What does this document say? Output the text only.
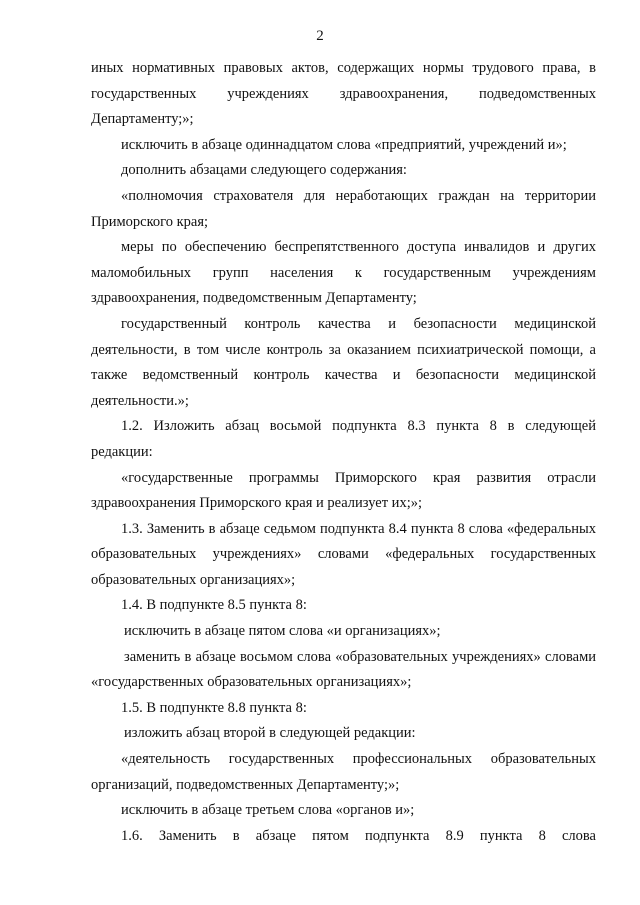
2

иных нормативных правовых актов, содержащих нормы трудового права, в государственных учреждениях здравоохранения, подведомственных Департаменту;»;

исключить в абзаце одиннадцатом слова «предприятий, учреждений и»;

дополнить абзацами следующего содержания:

«полномочия страхователя для неработающих граждан на территории Приморского края;

меры по обеспечению беспрепятственного доступа инвалидов и других маломобильных групп населения к государственным учреждениям здравоохранения, подведомственным Департаменту;

государственный контроль качества и безопасности медицинской деятельности, в том числе контроль за оказанием психиатрической помощи, а также ведомственный контроль качества и безопасности медицинской деятельности.»;

1.2. Изложить абзац восьмой подпункта 8.3 пункта 8 в следующей редакции:

«государственные программы Приморского края развития отрасли здравоохранения Приморского края и реализует их;»;

1.3. Заменить в абзаце седьмом подпункта 8.4 пункта 8 слова «федеральных образовательных учреждениях» словами «федеральных государственных образовательных организациях»;

1.4. В подпункте 8.5 пункта 8:

исключить в абзаце пятом слова «и организациях»;

заменить в абзаце восьмом слова «образовательных учреждениях» словами «государственных образовательных организациях»;

1.5. В подпункте 8.8 пункта 8:

изложить абзац второй в следующей редакции:

«деятельность государственных профессиональных образовательных организаций, подведомственных Департаменту;»;

исключить в абзаце третьем слова «органов и»;

1.6. Заменить в абзаце пятом подпункта 8.9 пункта 8 слова
